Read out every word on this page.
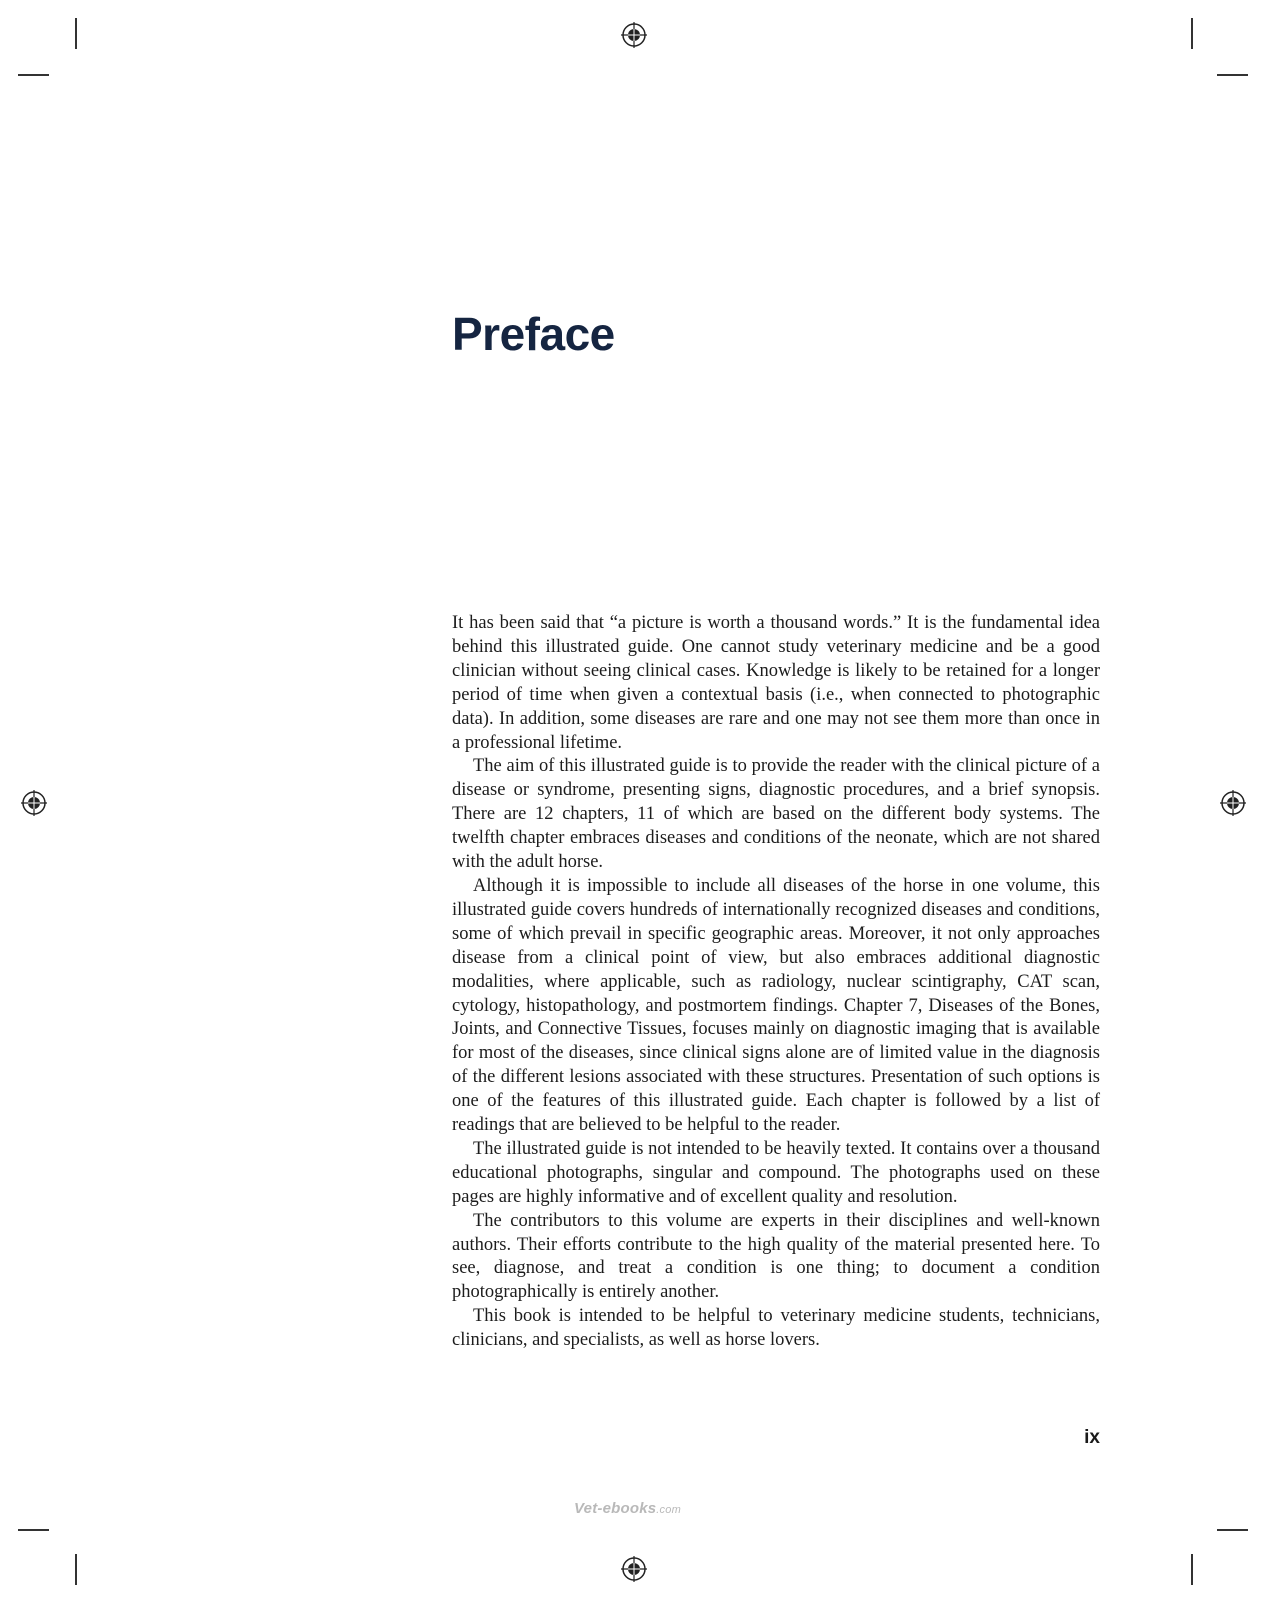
Preface

It has been said that “a picture is worth a thousand words.” It is the fundamental idea behind this illustrated guide. One cannot study veterinary medicine and be a good clinician without seeing clinical cases. Knowledge is likely to be retained for a longer period of time when given a contextual basis (i.e., when connected to photographic data). In addition, some diseases are rare and one may not see them more than once in a professional lifetime.

The aim of this illustrated guide is to provide the reader with the clinical picture of a disease or syndrome, presenting signs, diagnostic procedures, and a brief synopsis. There are 12 chapters, 11 of which are based on the different body systems. The twelfth chapter embraces diseases and conditions of the neonate, which are not shared with the adult horse.

Although it is impossible to include all diseases of the horse in one volume, this illustrated guide covers hundreds of internationally recognized diseases and conditions, some of which prevail in specific geographic areas. Moreover, it not only approaches disease from a clinical point of view, but also embraces additional diagnostic modalities, where applicable, such as radiology, nuclear scintigraphy, CAT scan, cytology, histopathology, and postmortem findings. Chapter 7, Diseases of the Bones, Joints, and Connective Tissues, focuses mainly on diagnostic imaging that is available for most of the diseases, since clinical signs alone are of limited value in the diagnosis of the different lesions associated with these structures. Presentation of such options is one of the features of this illustrated guide. Each chapter is followed by a list of readings that are believed to be helpful to the reader.

The illustrated guide is not intended to be heavily texted. It contains over a thousand educational photographs, singular and compound. The photographs used on these pages are highly informative and of excellent quality and resolution.

The contributors to this volume are experts in their disciplines and well-known authors. Their efforts contribute to the high quality of the material presented here. To see, diagnose, and treat a condition is one thing; to document a condition photographically is entirely another.

This book is intended to be helpful to veterinary medicine students, technicians, clinicians, and specialists, as well as horse lovers.

ix
Vet-ebooks.com
